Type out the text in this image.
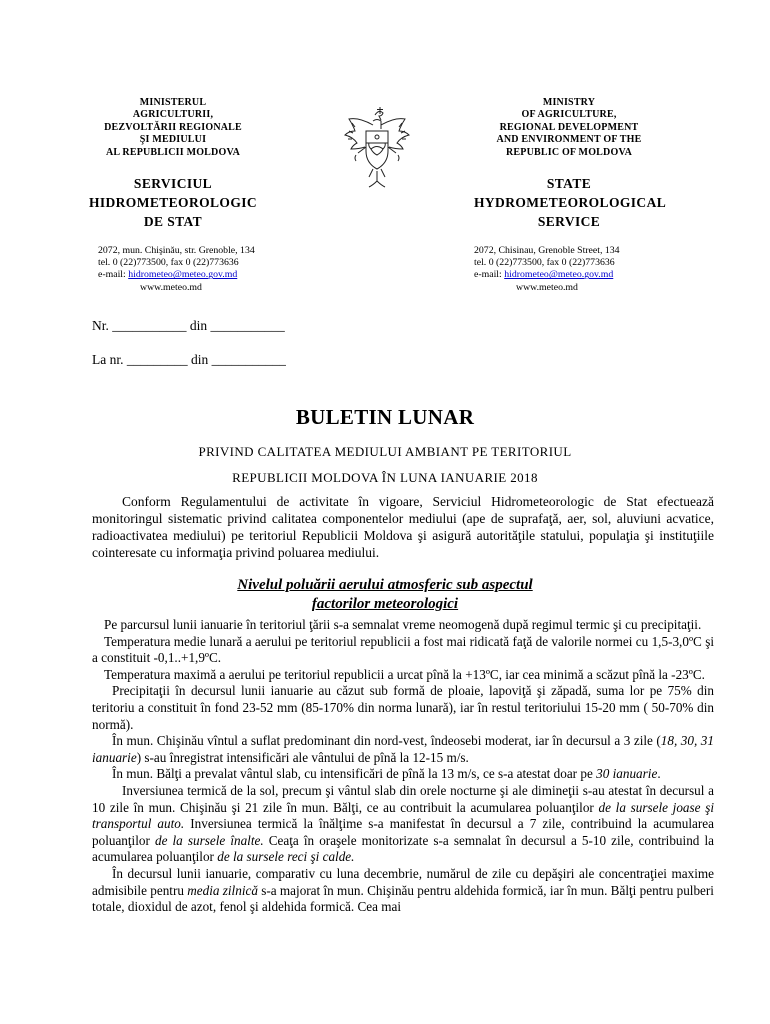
MINISTERUL
AGRICULTURII,
DEZVOLTĂRII REGIONALE
ŞI MEDIULUI
AL REPUBLICII MOLDOVA
SERVICIUL
HIDROMETEOROLOGIC
DE STAT
MINISTRY
OF AGRICULTURE,
REGIONAL DEVELOPMENT
AND ENVIRONMENT OF THE
REPUBLIC OF MOLDOVA
STATE
HYDROMETEOROLOGICAL
SERVICE
2072, mun. Chişinău, str. Grenoble, 134
tel. 0 (22)773500, fax 0 (22)773636
e-mail: hidrometeo@meteo.gov.md
www.meteo.md
2072, Chisinau, Grenoble Street, 134
tel. 0 (22)773500, fax 0 (22)773636
e-mail: hidrometeo@meteo.gov.md
www.meteo.md
Nr. ___________ din ___________
La nr. _________ din ___________
BULETIN LUNAR
PRIVIND CALITATEA MEDIULUI AMBIANT PE TERITORIUL
REPUBLICII MOLDOVA ÎN LUNA IANUARIE 2018

Conform Regulamentului de activitate în vigoare, Serviciul Hidrometeorologic de Stat efectuează monitoringul sistematic privind calitatea componentelor mediului (ape de suprafaţă, aer, sol, aluviuni acvatice, radioactivatea mediului) pe teritoriul Republicii Moldova şi asigură autorităţile statului, populaţia şi instituţiile cointeresate cu informaţia privind poluarea mediului.

Nivelul poluării aerului atmosferic sub aspectul
factorilor meteorologici

Pe parcursul lunii ianuarie în teritoriul ţării s-a semnalat vreme neomogenă după regimul termic şi cu precipitaţii.

Temperatura medie lunară a aerului pe teritoriul republicii a fost mai ridicată faţă de valorile normei cu 1,5-3,0ºC şi a constituit -0,1..+1,9ºC.

Temperatura maximă a aerului pe teritoriul republicii a urcat pînă la +13ºC, iar cea minimă a scăzut pînă la -23ºC.

Precipitaţii în decursul lunii ianuarie au căzut sub formă de ploaie, lapoviţă şi zăpadă, suma lor pe 75% din teritoriu a constituit în fond 23-52 mm (85-170% din norma lunară), iar în restul teritoriului 15-20 mm ( 50-70% din normă).

În mun. Chişinău vîntul a suflat predominant din nord-vest, îndeosebi moderat, iar în decursul a 3 zile (18, 30, 31 ianuarie) s-au înregistrat intensificări ale vântului de pînă la 12-15 m/s.

În mun. Bălţi a prevalat vântul slab, cu intensificări de pînă la 13 m/s, ce s-a atestat doar pe 30 ianuarie.

Inversiunea termică de la sol, precum şi vântul slab din orele nocturne şi ale dimineţii s-au atestat în decursul a 10 zile în mun. Chişinău şi 21 zile în mun. Bălţi, ce au contribuit la acumularea poluanţilor de la sursele joase şi transportul auto. Inversiunea termică la înălţime s-a manifestat în decursul a 7 zile, contribuind la acumularea poluanţilor de la sursele înalte. Ceaţa în oraşele monitorizate s-a semnalat în decursul a 5-10 zile, contribuind la acumularea poluanţilor de la sursele reci şi calde.

În decursul lunii ianuarie, comparativ cu luna decembrie, numărul de zile cu depăşiri ale concentraţiei maxime admisibile pentru media zilnică s-a majorat în mun. Chişinău pentru aldehida formică, iar în mun. Bălţi pentru pulberi totale, dioxidul de azot, fenol şi aldehida formică. Cea mai
